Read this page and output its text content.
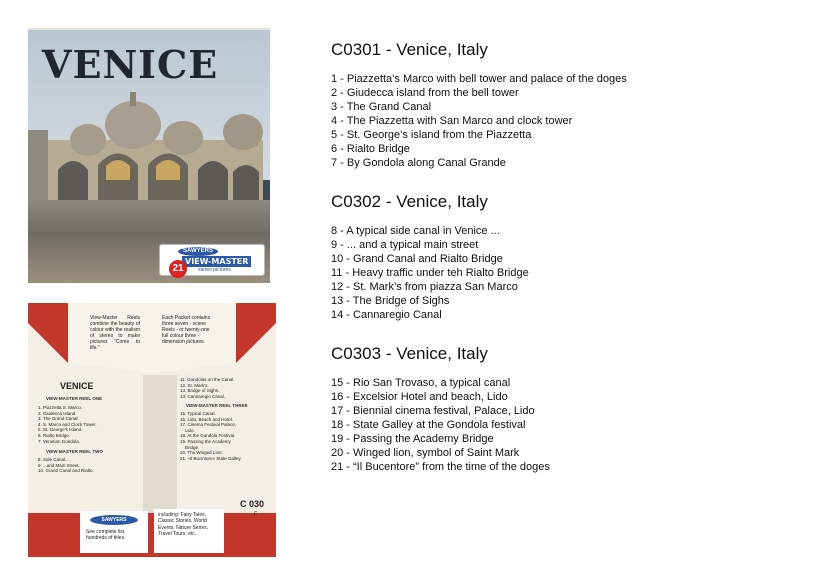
VENICE
SAWYERS
VIEW-MASTER
stereo pictures
21
View-Master Reels combine the beauty of colour with the realism of stereo to make pictures "Come to life."
Each Packet contains three seven - scene Reels - or twenty-one full colour three - dimension pictures.
VENICE
VIEW-MASTER REEL ONE
1. Piazzetta S. Marco.
2. Giudecca Island.
3. The Grand Canal.
4. S. Marco and Clock Tower.
5. St. George's Island.
6. Rialto Bridge.
7. Venetian Gondola.
VIEW-MASTER REEL TWO
8. Side Canal...
9. ...and Main Street.
10. Grand Canal and Rialto.
11. Gondolas on the Canal.
12. St. Mark's.
13. Bridge of Sighs.
14. Cannaregio Canal.
VIEW-MASTER REEL THREE
15. Typical Canal.
16. Lido, Beach and Hotel.
17. Cinema Festival Palace,
Lido.
18. At the Gondola Festival.
19. Passing the Academy
Bridge.
20. The Winged Lion.
21. «Il Bucintoro» State Galley.
SAWYERS
See complete list, hundreds of titles.
including: Fairy Tales, Classic Stories, World Events, Nature Series, Travel Tours, etc.
C 030
E
C0301 - Venice, Italy
1 - Piazzetta’s Marco with bell tower and palace of the doges
2 - Giudecca island from the bell tower
3 - The Grand Canal
4 - The Piazzetta with San Marco and clock tower
5 - St. George’s island from the Piazzetta
6 - Rialto Bridge
7 - By Gondola along Canal Grande
C0302 - Venice, Italy
8 - A typical side canal in Venice ...
9 - ... and a typical main street
10 - Grand Canal and Rialto Bridge
11 - Heavy traffic under teh Rialto Bridge
12 - St. Mark’s from piazza San Marco
13 - The Bridge of Sighs
14 - Cannaregio Canal
C0303 - Venice, Italy
15 - Rio San Trovaso, a typical canal
16 - Excelsior Hotel and beach, Lido
17 - Biennial cinema festival, Palace, Lido
18 - State Galley at the Gondola festival
19 - Passing the Academy Bridge
20 - Winged lion, symbol of Saint Mark
21 - “Il Bucentore” from the time of the doges
